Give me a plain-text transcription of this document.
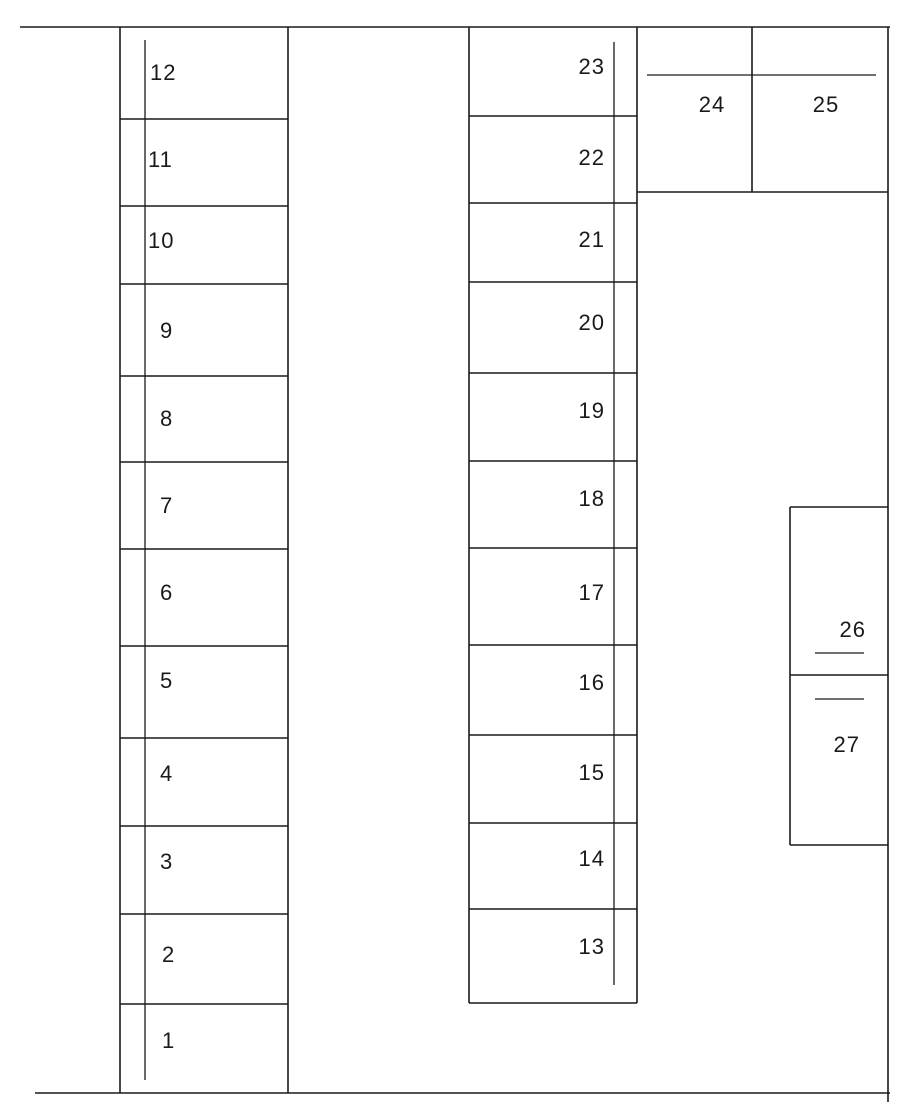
12
11
10
9
8
7
6
5
4
3
2
1
23
22
21
20
19
18
17
16
15
14
13
24	25
26
27
